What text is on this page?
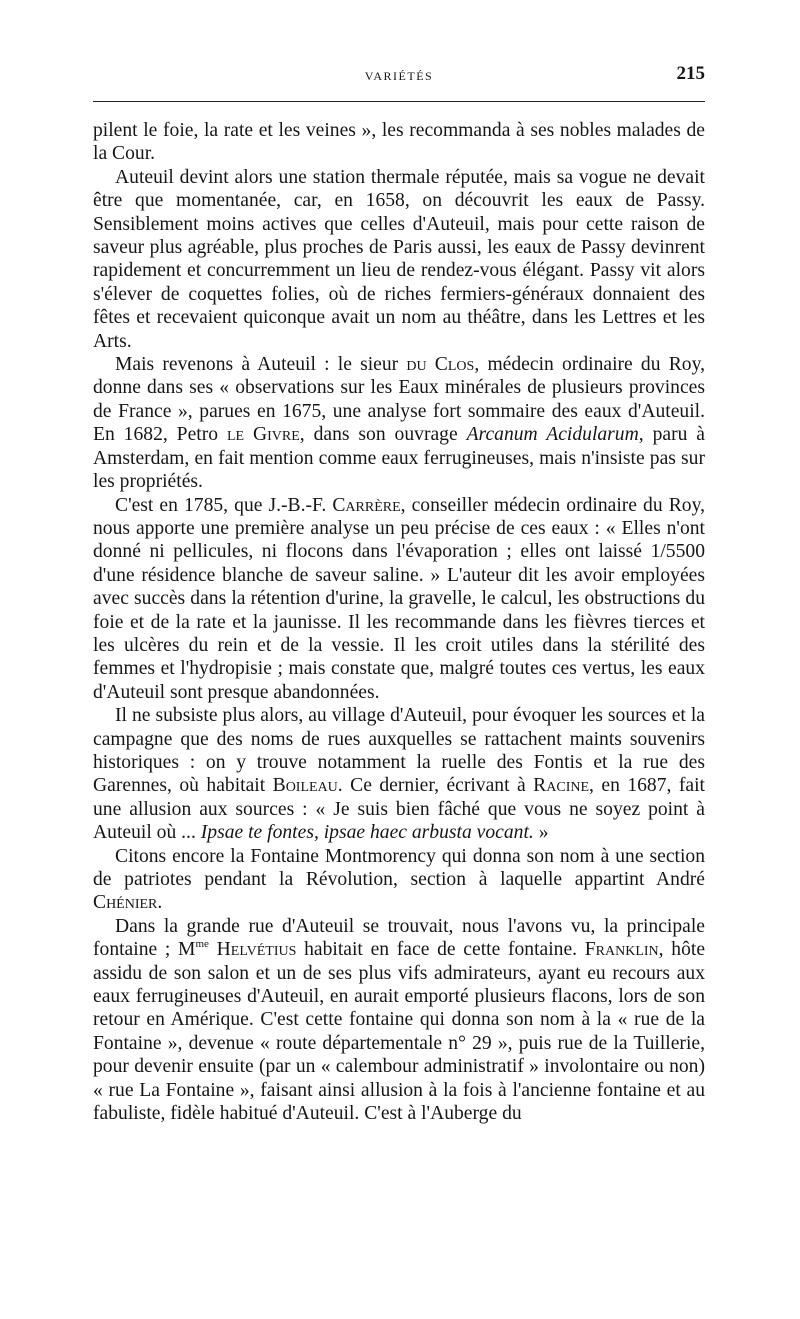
VARIÉTÉS	215

pilent le foie, la rate et les veines », les recommanda à ses nobles malades de la Cour.

Auteuil devint alors une station thermale réputée, mais sa vogue ne devait être que momentanée, car, en 1658, on découvrit les eaux de Passy. Sensiblement moins actives que celles d'Auteuil, mais pour cette raison de saveur plus agréable, plus proches de Paris aussi, les eaux de Passy devinrent rapidement et concurremment un lieu de rendez-vous élégant. Passy vit alors s'élever de coquettes folies, où de riches fermiers-généraux donnaient des fêtes et recevaient quiconque avait un nom au théâtre, dans les Lettres et les Arts.

Mais revenons à Auteuil : le sieur du Clos, médecin ordinaire du Roy, donne dans ses « observations sur les Eaux minérales de plusieurs provinces de France », parues en 1675, une analyse fort sommaire des eaux d'Auteuil. En 1682, Petro le Givre, dans son ouvrage Arcanum Acidularum, paru à Amsterdam, en fait mention comme eaux ferrugineuses, mais n'insiste pas sur les propriétés.

C'est en 1785, que J.-B.-F. Carrère, conseiller médecin ordinaire du Roy, nous apporte une première analyse un peu précise de ces eaux : « Elles n'ont donné ni pellicules, ni flocons dans l'évaporation ; elles ont laissé 1/5500 d'une résidence blanche de saveur saline. » L'auteur dit les avoir employées avec succès dans la rétention d'urine, la gravelle, le calcul, les obstructions du foie et de la rate et la jaunisse. Il les recommande dans les fièvres tierces et les ulcères du rein et de la vessie. Il les croit utiles dans la stérilité des femmes et l'hydropisie ; mais constate que, malgré toutes ces vertus, les eaux d'Auteuil sont presque abandonnées.

Il ne subsiste plus alors, au village d'Auteuil, pour évoquer les sources et la campagne que des noms de rues auxquelles se rattachent maints souvenirs historiques : on y trouve notamment la ruelle des Fontis et la rue des Garennes, où habitait Boileau. Ce dernier, écrivant à Racine, en 1687, fait une allusion aux sources : « Je suis bien fâché que vous ne soyez point à Auteuil où ... Ipsae te fontes, ipsae haec arbusta vocant. »

Citons encore la Fontaine Montmorency qui donna son nom à une section de patriotes pendant la Révolution, section à laquelle appartint André Chénier.

Dans la grande rue d'Auteuil se trouvait, nous l'avons vu, la principale fontaine ; $M^{me}$ Helvétius habitait en face de cette fontaine. Franklin, hôte assidu de son salon et un de ses plus vifs admirateurs, ayant eu recours aux eaux ferrugineuses d'Auteuil, en aurait emporté plusieurs flacons, lors de son retour en Amérique. C'est cette fontaine qui donna son nom à la « rue de la Fontaine », devenue « route départementale n° 29 », puis rue de la Tuillerie, pour devenir ensuite (par un « calembour administratif » involontaire ou non) « rue La Fontaine », faisant ainsi allusion à la fois à l'ancienne fontaine et au fabuliste, fidèle habitué d'Auteuil. C'est à l'Auberge du
